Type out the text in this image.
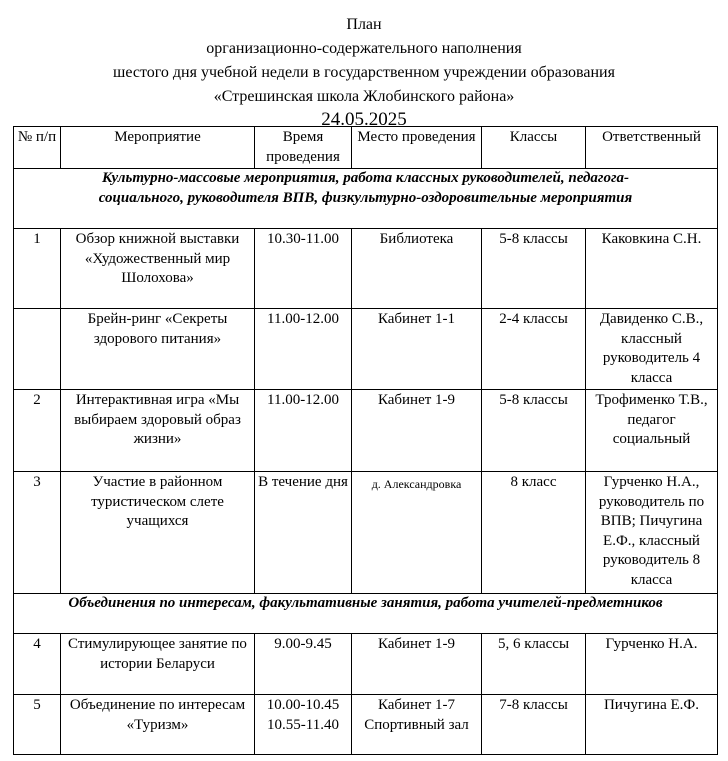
План
организационно-содержательного наполнения
шестого дня учебной недели в государственном учреждении образования
«Стрешинская школа Жлобинского района»
24.05.2025
№ п/п	Мероприятие	Время проведения	Место проведения	Классы	Ответственный
Культурно-массовые мероприятия, работа классных руководителей, педагога-социального, руководителя ВПВ, физкультурно-оздоровительные мероприятия					
1	Обзор книжной выставки «Художественный мир Шолохова»	10.30-11.00	Библиотека	5-8 классы	Каковкина С.Н.
	Брейн-ринг «Секреты здорового питания»	11.00-12.00	Кабинет 1-1	2-4 классы	Давиденко С.В., классный руководитель 4 класса
2	Интерактивная игра «Мы выбираем здоровый образ жизни»	11.00-12.00	Кабинет 1-9	5-8 классы	Трофименко Т.В., педагог социальный
3	Участие в районном туристическом слете учащихся	В течение дня	д. Александровка	8 класс	Гурченко Н.А., руководитель по ВПВ; Пичугина Е.Ф., классный руководитель 8 класса
Объединения по интересам, факультативные занятия, работа учителей-предметников					
4	Стимулирующее занятие по истории Беларуси	9.00-9.45	Кабинет 1-9	5, 6 классы	Гурченко Н.А.
5	Объединение по интересам «Туризм»	10.00-10.45 10.55-11.40	Кабинет 1-7 Спортивный зал	7-8 классы	Пичугина Е.Ф.
